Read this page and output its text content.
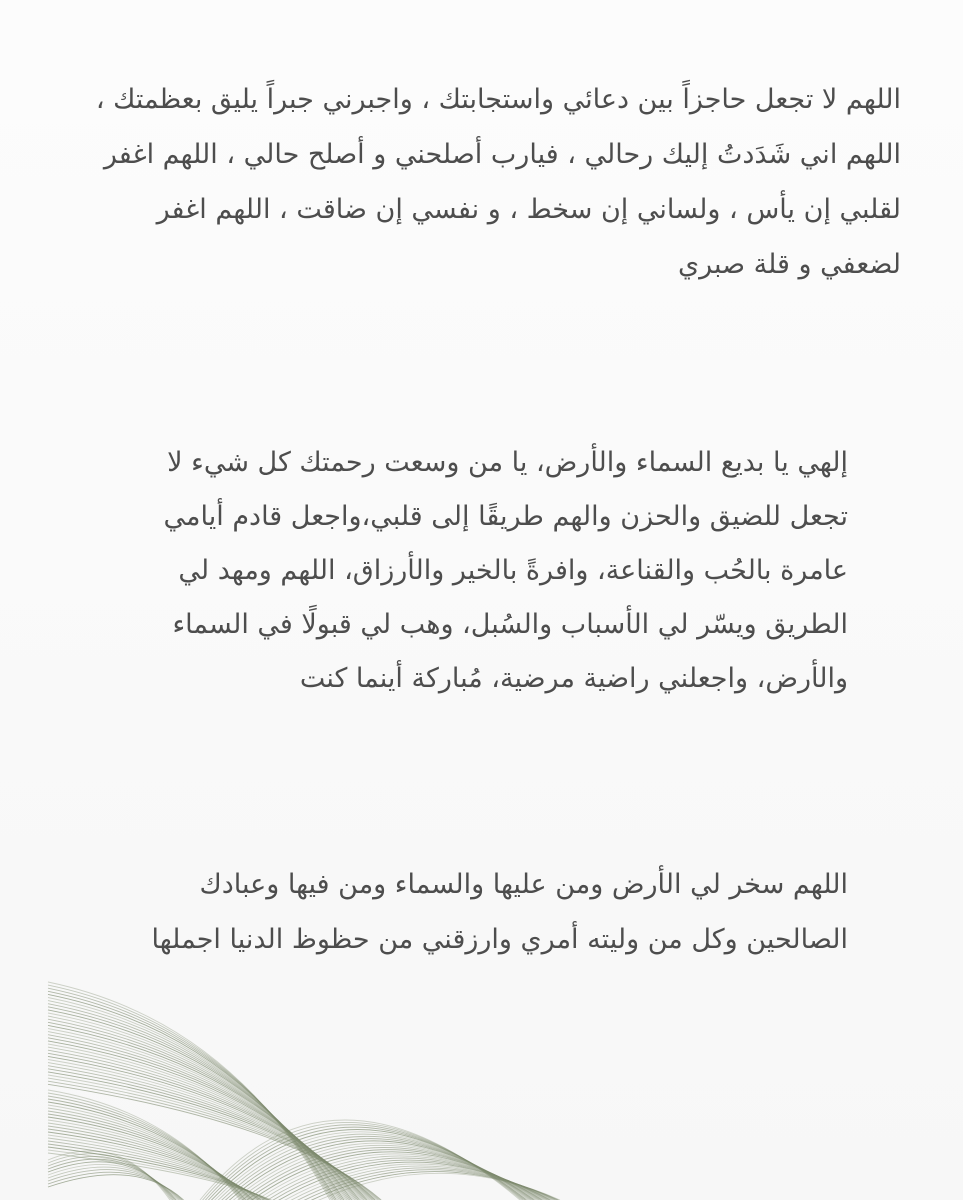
اللهم لا تجعل حاجزاً بين دعائي واستجابتك ، واجبرني جبراً يليق بعظمتك ،
اللهم اني شَدَدتُ إليك رحالي ، فيارب أصلحني و أصلح حالي ، اللهم اغفر
لقلبي إن يأس ، ولساني إن سخط ، و نفسي إن ضاقت ، اللهم اغفر
لضعفي و قلة صبري

إلهي يا بديع السماء والأرض، يا من وسعت رحمتك كل شيء لا
تجعل للضيق والحزن والهم طريقًا إلى قلبي،واجعل قادم أيامي
عامرة بالحُب والقناعة، وافرةً بالخير والأرزاق، اللهم ومهد لي
الطريق ويسّر لي الأسباب والسُبل، وهب لي قبولًا في السماء
والأرض، واجعلني راضية مرضية، مُباركة أينما كنت

اللهم سخر لي الأرض ومن عليها والسماء ومن فيها وعبادك
الصالحين وكل من وليته أمري وارزقني من حظوظ الدنيا اجملها
